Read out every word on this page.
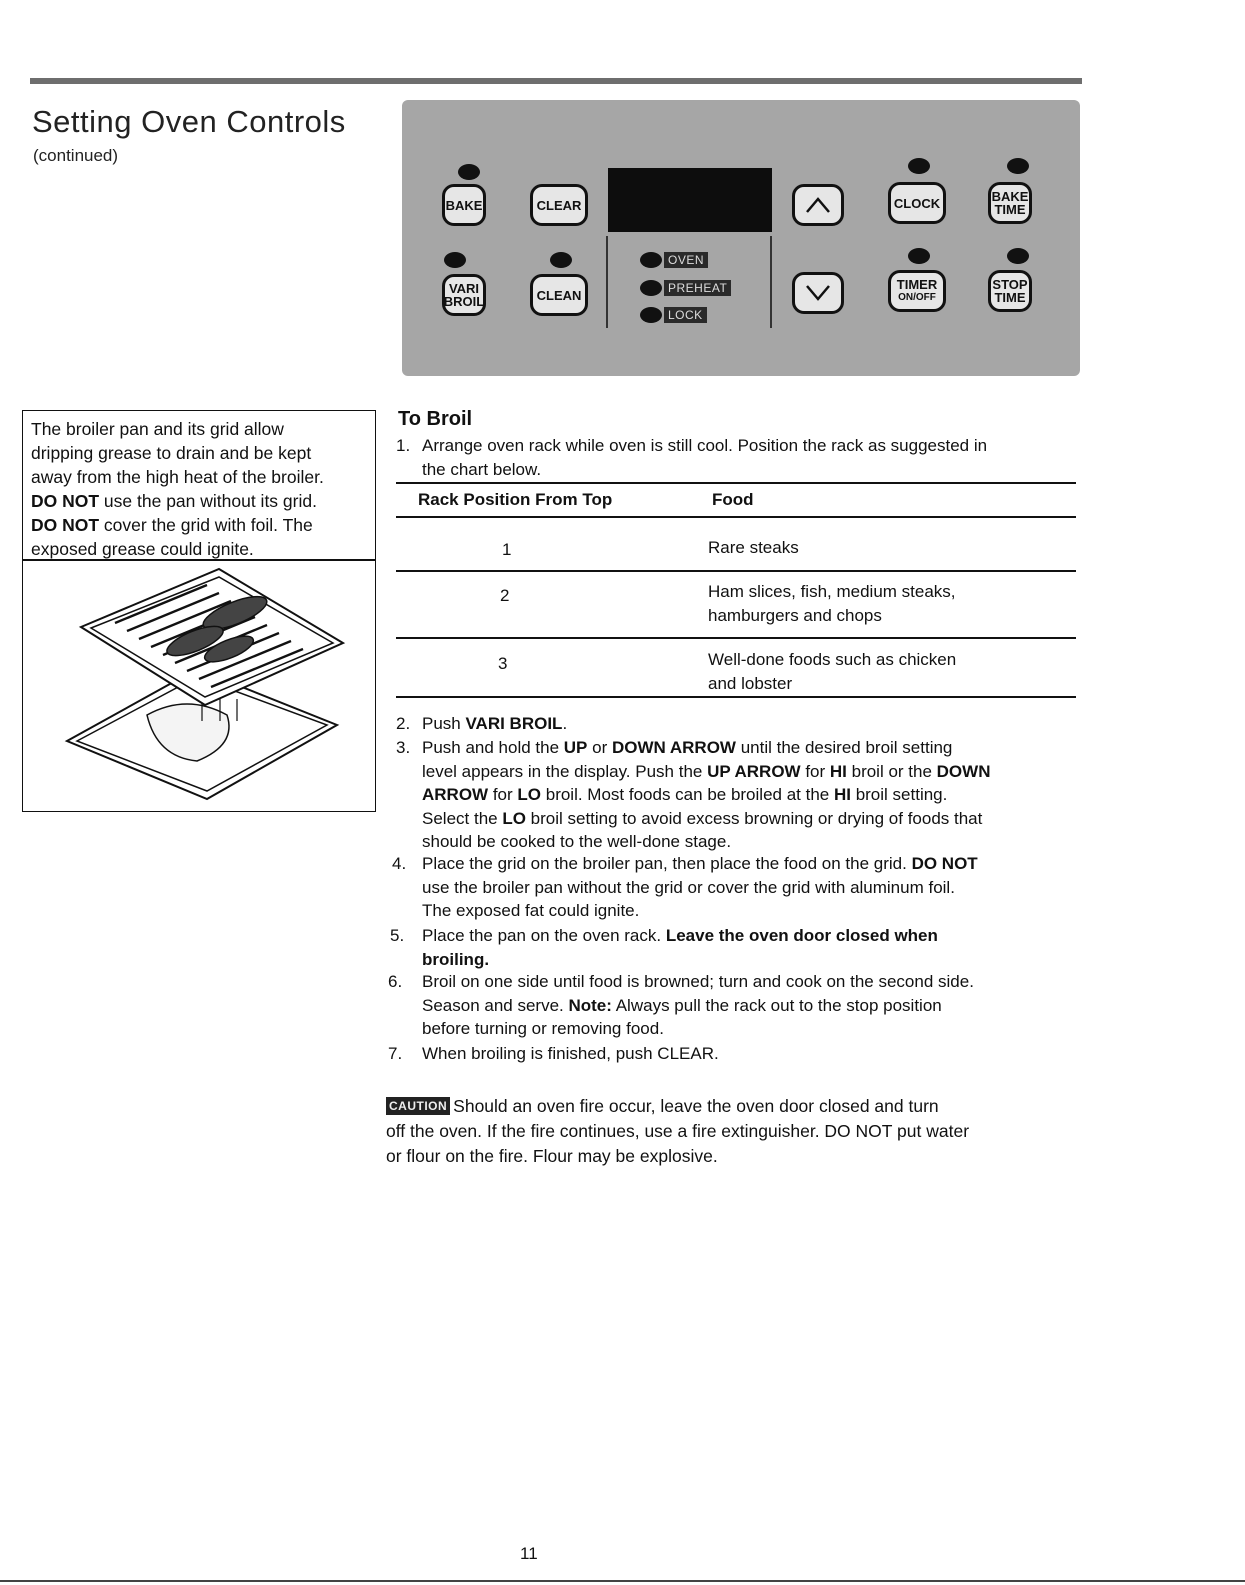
Setting Oven Controls
(continued)
BAKE	CLEAR
VARI
BROIL	CLEAN
OVEN
PREHEAT
LOCK
CLOCK
TIMER
ON/OFF
BAKE
TIME
STOP
TIME
The broiler pan and its grid allow
dripping grease to drain and be kept
away from the high heat of the broiler.
DO NOT use the pan without its grid.
DO NOT cover the grid with foil. The
exposed grease could ignite.
To Broil
1. Arrange oven rack while oven is still cool. Position the rack as suggested in
the chart below.
Rack Position From Top	Food
1	Rare steaks
2	Ham slices, fish, medium steaks,
hamburgers and chops
3	Well-done foods such as chicken
and lobster
2. Push VARI BROIL.
3. Push and hold the UP or DOWN ARROW until the desired broil setting
level appears in the display. Push the UP ARROW for HI broil or the DOWN
ARROW for LO broil. Most foods can be broiled at the HI broil setting.
Select the LO broil setting to avoid excess browning or drying of foods that
should be cooked to the well-done stage.
4. Place the grid on the broiler pan, then place the food on the grid. DO NOT
use the broiler pan without the grid or cover the grid with aluminum foil.
The exposed fat could ignite.
5.	Place the pan on the oven rack. Leave the oven door closed when
broiling.
6.	Broil on one side until food is browned; turn and cook on the second side.
Season and serve. Note: Always pull the rack out to the stop position
before turning or removing food.
7.	When broiling is finished, push CLEAR.
CAUTION Should an oven fire occur, leave the oven door closed and turn
off the oven. If the fire continues, use a fire extinguisher. DO NOT put water
or flour on the fire. Flour may be explosive.
11
